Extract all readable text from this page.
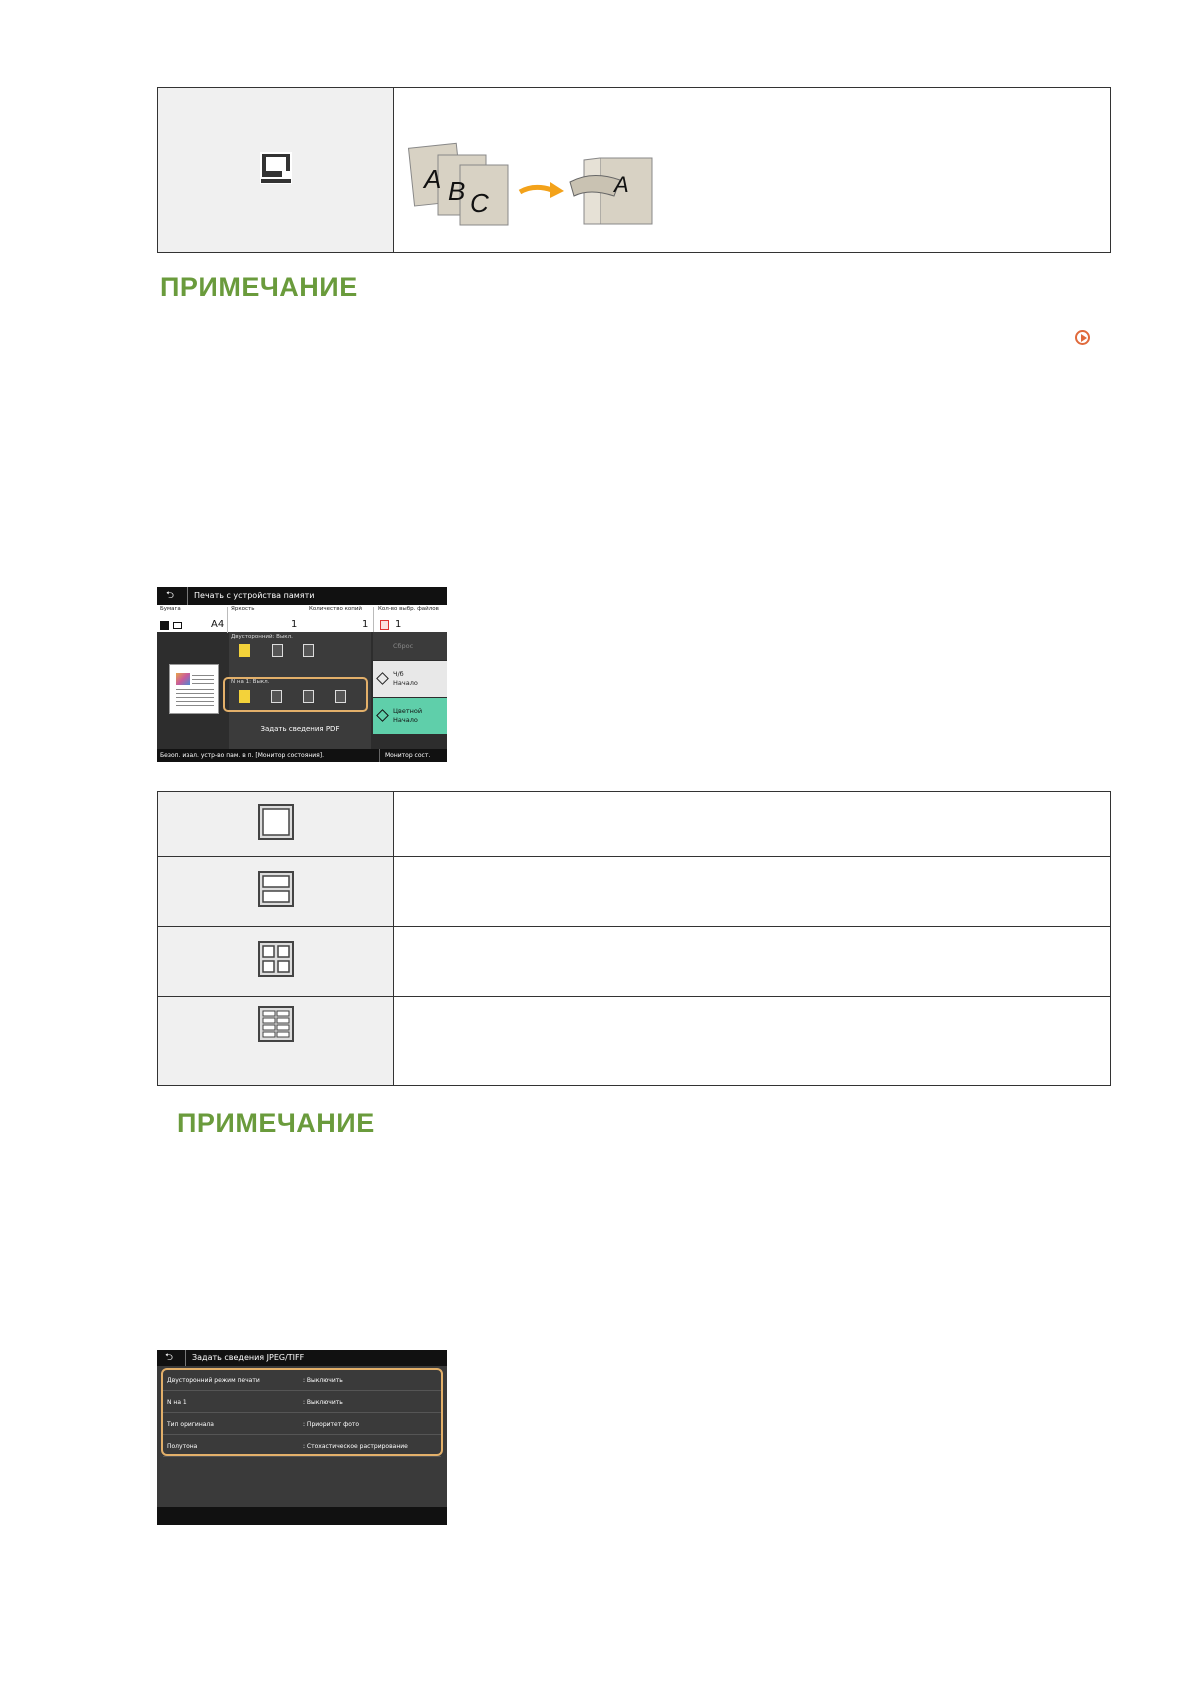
A B C
A
ПРИМЕЧАНИЕ
⮌	Печать с устройства памяти
Бумага	Яркость	Количество копий	Кол-во выбр. файлов
A4	1	1	1
Двусторонний: Выкл.
N на 1: Выкл.
Задать сведения PDF
Сброс
Ч/б
Начало
Цветной
Начало
Безоп. изал. устр-во пам. в п. [Монитор состояния].	Монитор сост.

ПРИМЕЧАНИЕ
⮌	Задать сведения JPEG/TIFF
Двусторонний режим печати	: Выключить
N на 1	: Выключить
Тип оригинала	: Приоритет фото
Полутона	: Стохастическое растрирование
